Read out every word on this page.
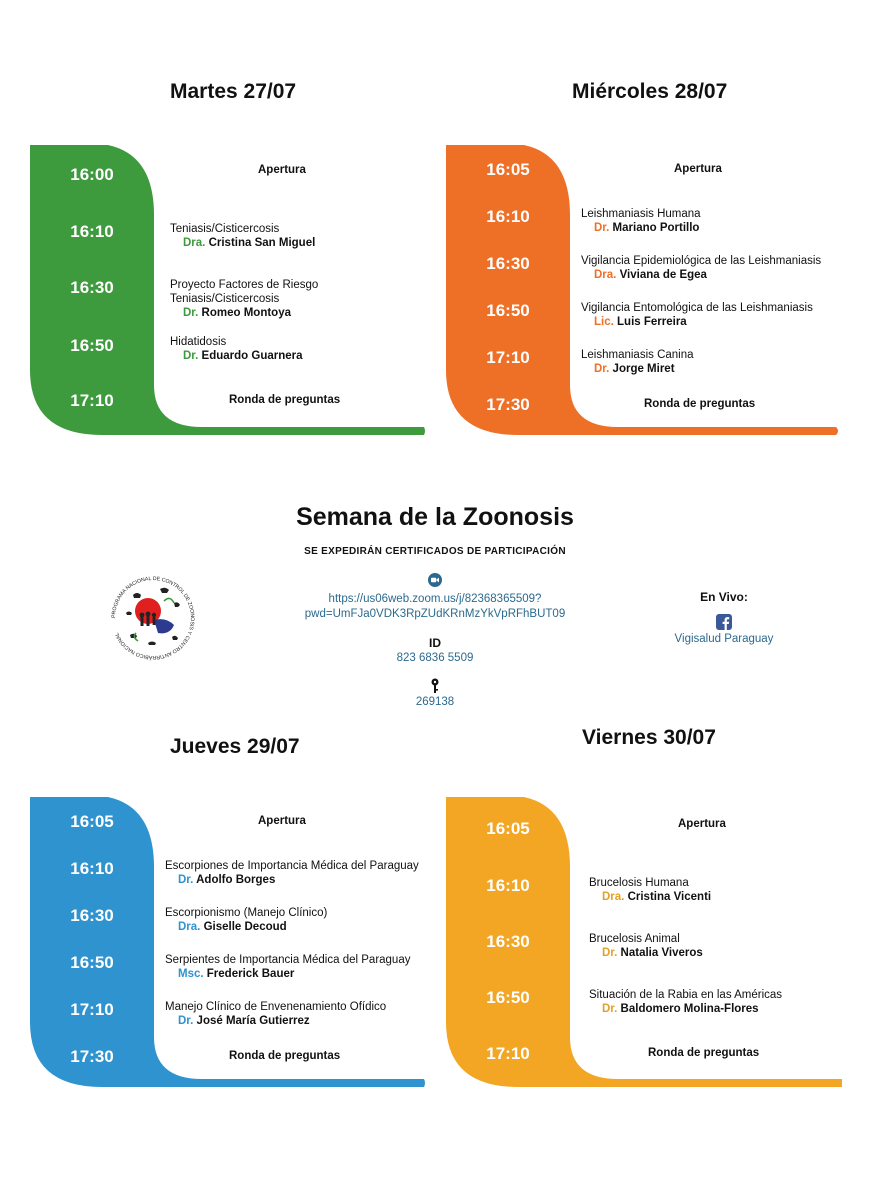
Martes 27/07	Miércoles 28/07
Jueves 29/07	Viernes 30/07
16:00
16:10
16:30
16:50
17:10
Apertura
Teniasis/Cisticercosis
Dra. Cristina San Miguel
Proyecto Factores de Riesgo
Teniasis/Cisticercosis
Dr. Romeo Montoya
Hidatidosis
Dr. Eduardo Guarnera
Ronda de preguntas
16:05
16:10
16:30
16:50
17:10
17:30
Apertura
Leishmaniasis Humana
Dr. Mariano Portillo
Vigilancia Epidemiológica de las Leishmaniasis
Dra. Viviana de Egea
Vigilancia Entomológica de las Leishmaniasis
Lic. Luis Ferreira
Leishmaniasis Canina
Dr. Jorge Miret
Ronda de preguntas
Semana de la Zoonosis
SE EXPEDIRÁN CERTIFICADOS DE PARTICIPACIÓN
PROGRAMA NACIONAL DE CONTROL DE ZOONOSIS Y CENTRO ANTIRRÁBICO NACIONAL
https://us06web.zoom.us/j/82368365509?
pwd=UmFJa0VDK3RpZUdKRnMzYkVpRFhBUT09
ID
823 6836 5509
269138
En Vivo:
Vigisalud Paraguay
16:05
16:10
16:30
16:50
17:10
17:30
Apertura
Escorpiones de Importancia Médica del Paraguay
Dr. Adolfo Borges
Escorpionismo (Manejo Clínico)
Dra. Giselle Decoud
Serpientes de Importancia Médica del Paraguay
Msc. Frederick Bauer
Manejo Clínico de Envenenamiento Ofídico
Dr. José María Gutierrez
Ronda de preguntas
16:05
16:10
16:30
16:50
17:10
Apertura
Brucelosis Humana
Dra. Cristina Vicenti
Brucelosis Animal
Dr. Natalia Viveros
Situación de la Rabia en las Américas
Dr. Baldomero Molina-Flores
Ronda de preguntas
